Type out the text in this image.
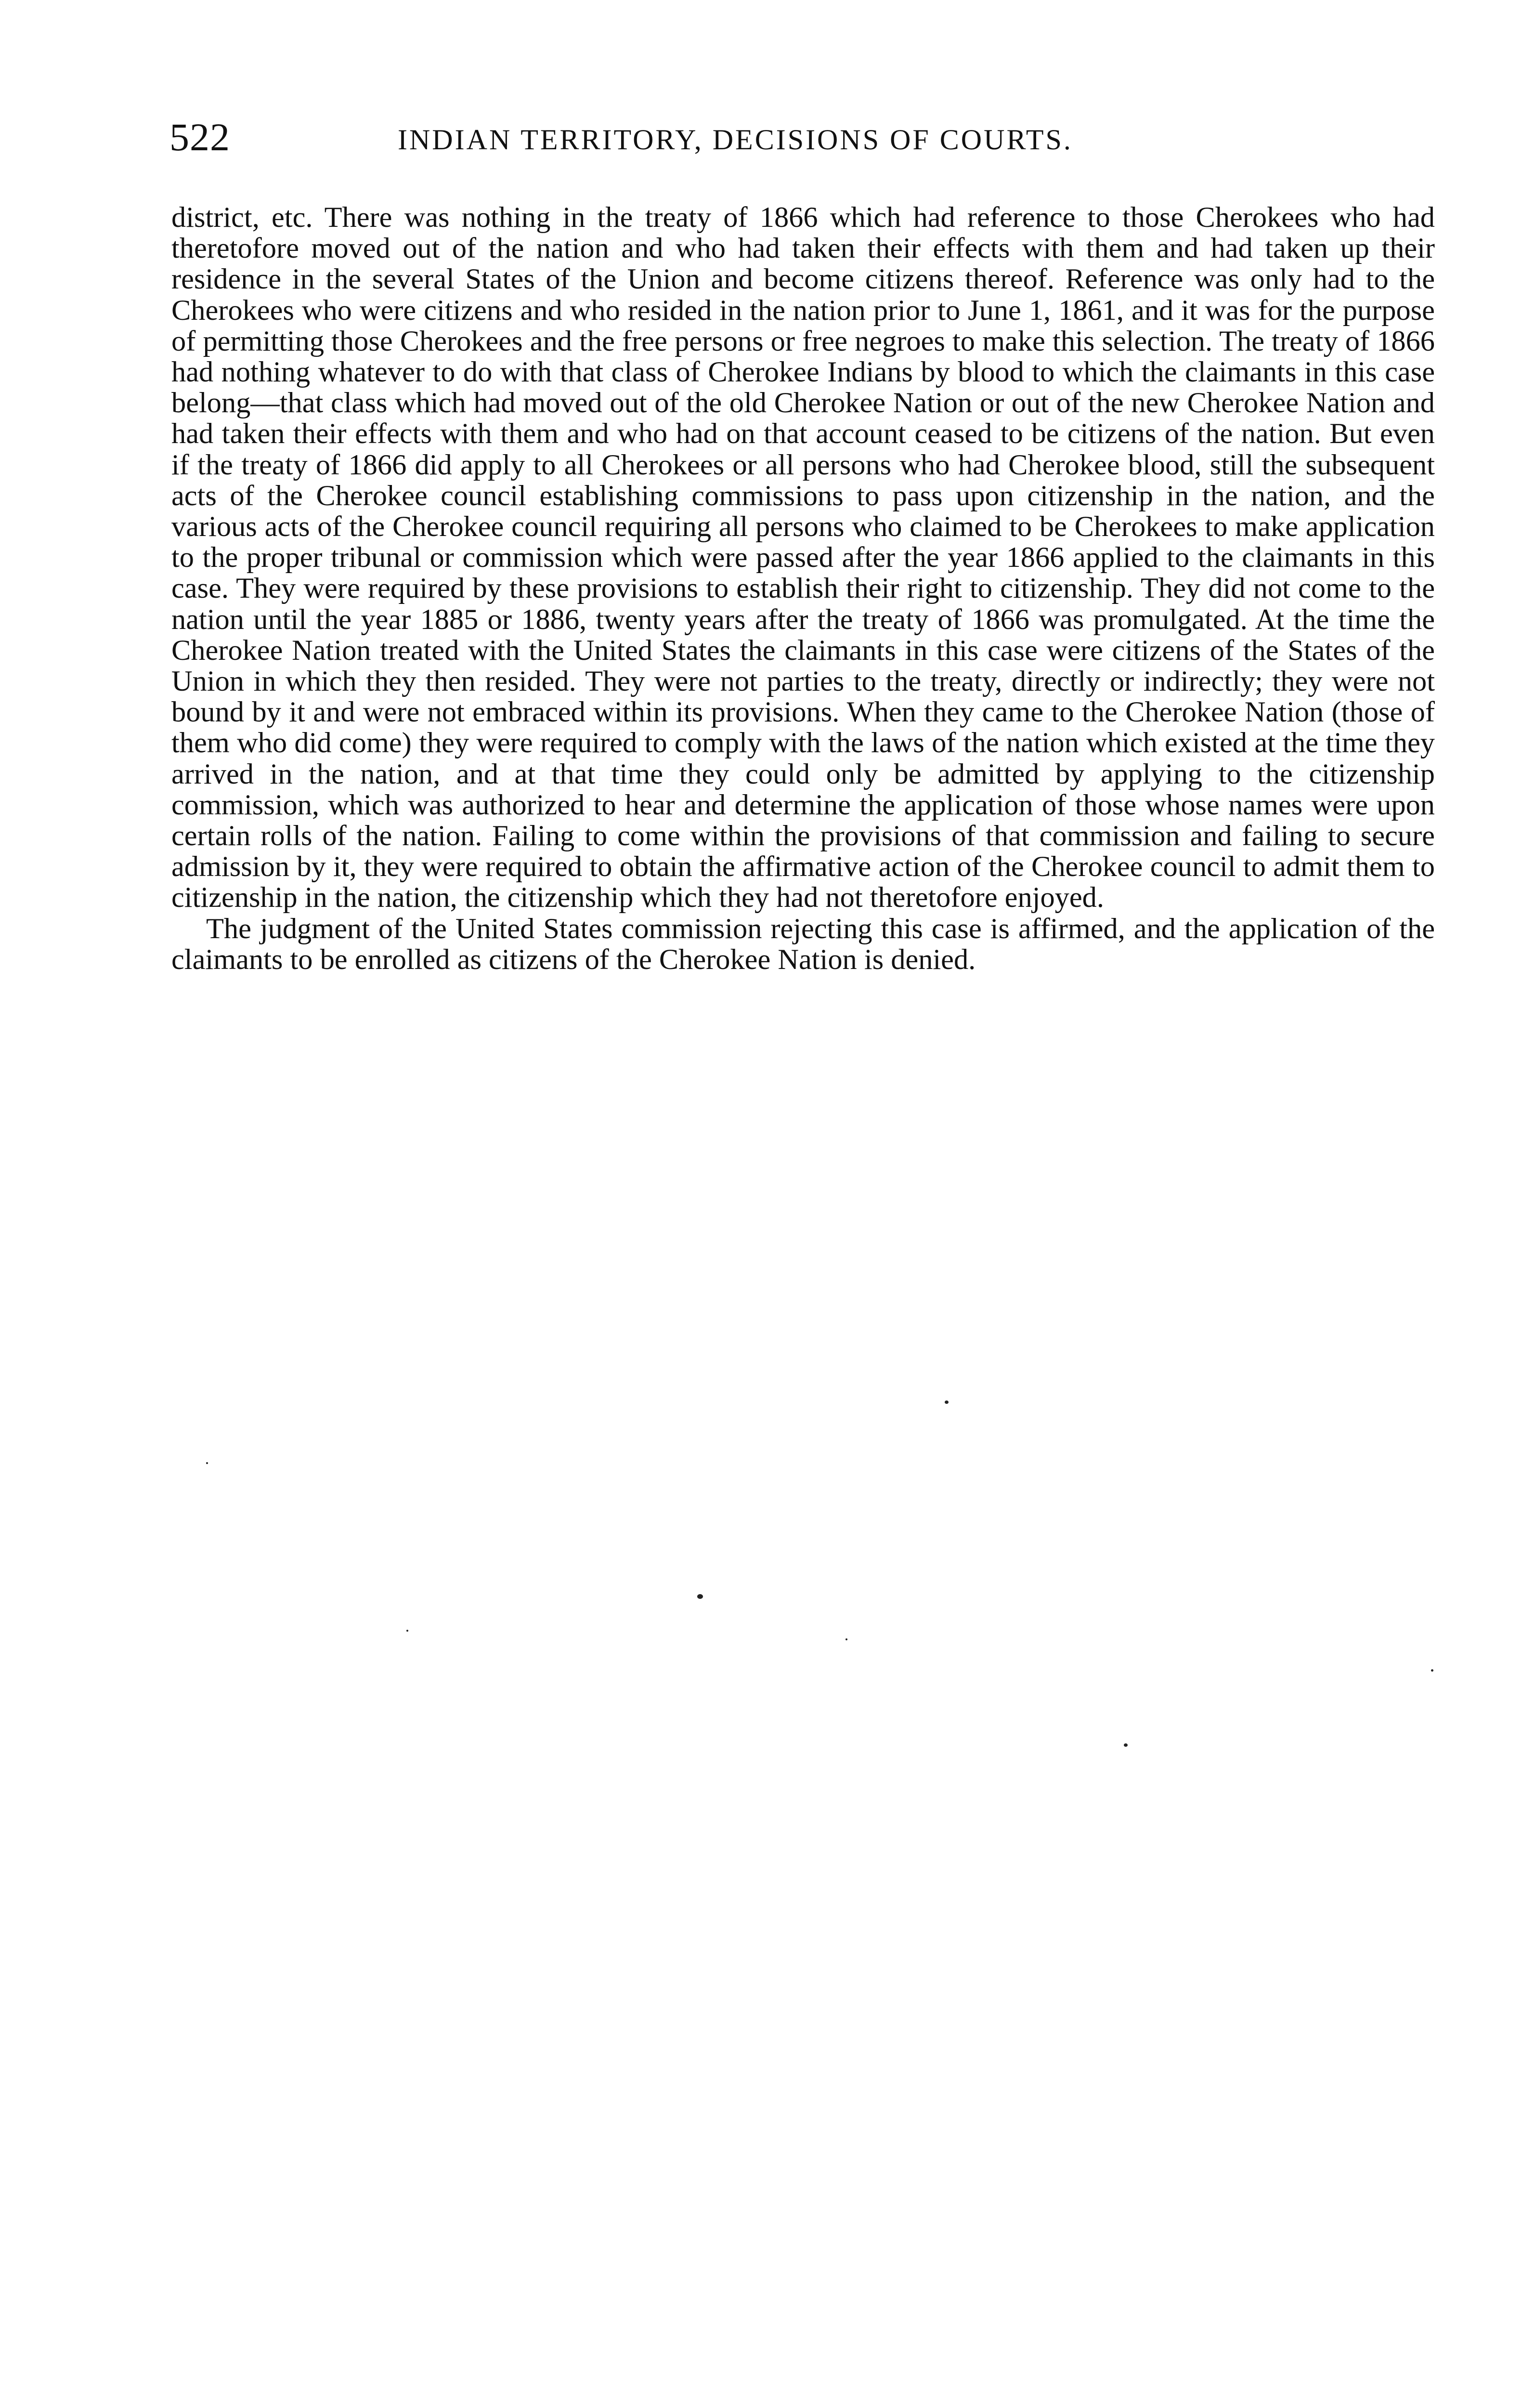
522	INDIAN TERRITORY, DECISIONS OF COURTS.

district, etc. There was nothing in the treaty of 1866 which had reference to those Cherokees who had theretofore moved out of the nation and who had taken their effects with them and had taken up their residence in the several States of the Union and become citizens thereof. Reference was only had to the Cherokees who were citizens and who resided in the nation prior to June 1, 1861, and it was for the purpose of permitting those Cherokees and the free persons or free negroes to make this selection. The treaty of 1866 had nothing whatever to do with that class of Cherokee Indians by blood to which the claimants in this case belong—that class which had moved out of the old Cherokee Nation or out of the new Cherokee Nation and had taken their effects with them and who had on that account ceased to be citizens of the nation. But even if the treaty of 1866 did apply to all Cherokees or all persons who had Cherokee blood, still the subsequent acts of the Cherokee council establishing commissions to pass upon citizenship in the nation, and the various acts of the Cherokee council requiring all persons who claimed to be Cherokees to make application to the proper tribunal or commission which were passed after the year 1866 applied to the claimants in this case. They were required by these provisions to establish their right to citizenship. They did not come to the nation until the year 1885 or 1886, twenty years after the treaty of 1866 was promulgated. At the time the Cherokee Nation treated with the United States the claimants in this case were citizens of the States of the Union in which they then resided. They were not parties to the treaty, directly or indirectly; they were not bound by it and were not embraced within its provisions. When they came to the Cherokee Nation (those of them who did come) they were required to comply with the laws of the nation which existed at the time they arrived in the nation, and at that time they could only be admitted by applying to the citizenship commission, which was authorized to hear and determine the application of those whose names were upon certain rolls of the nation. Failing to come within the provisions of that commission and failing to secure admission by it, they were required to obtain the affirmative action of the Cherokee council to admit them to citizenship in the nation, the citizenship which they had not theretofore enjoyed.

The judgment of the United States commission rejecting this case is affirmed, and the application of the claimants to be enrolled as citizens of the Cherokee Nation is denied.
